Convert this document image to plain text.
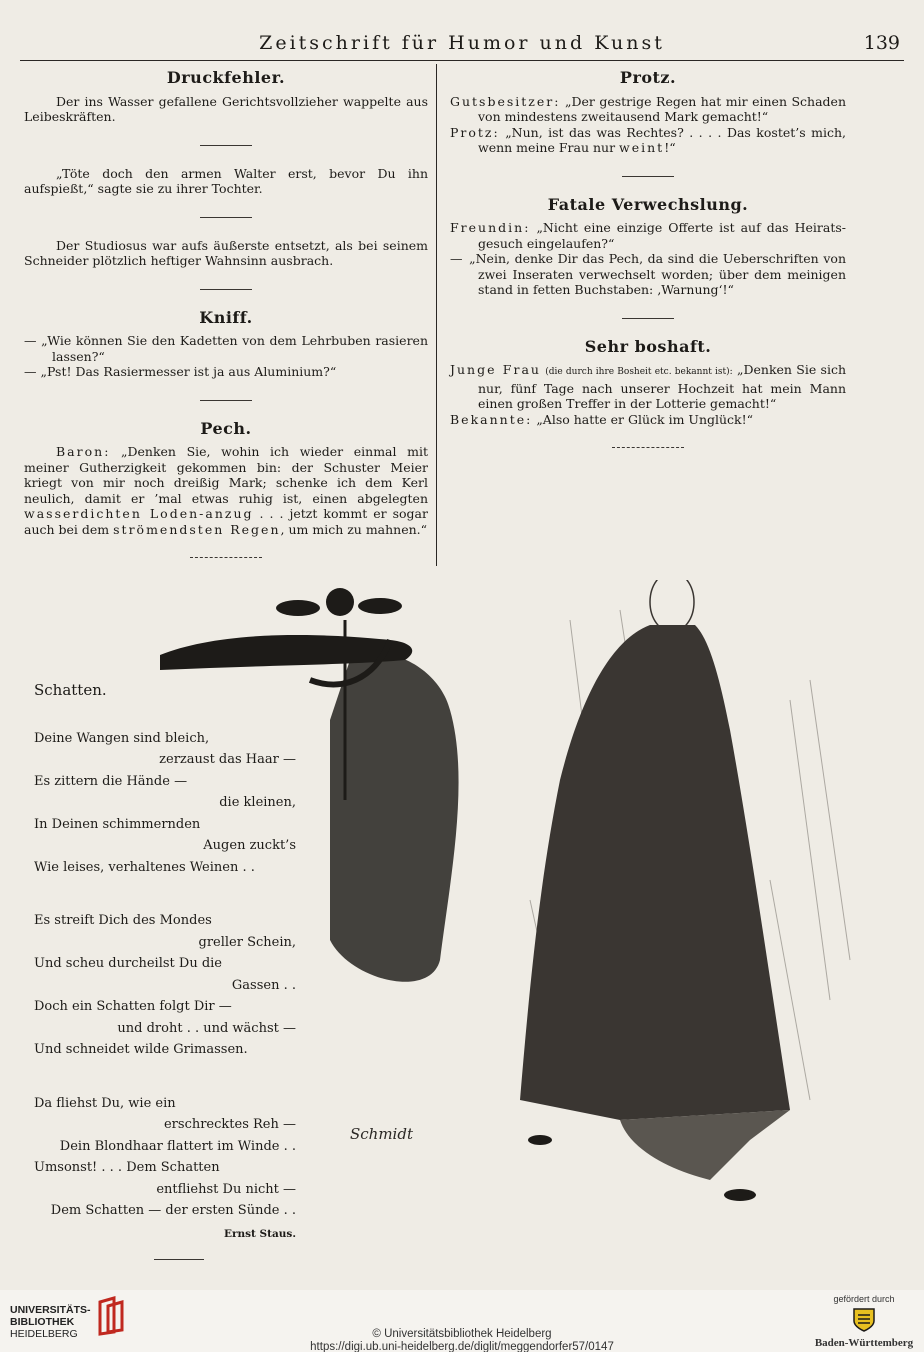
Zeitschrift für Humor und Kunst	139
Druckfehler.

Der ins Wasser gefallene Gerichtsvollzieher wappelte aus Leibeskräften.

„Töte doch den armen Walter erst, bevor Du ihn aufspießt,“ sagte sie zu ihrer Tochter.

Der Studiosus war aufs äußerste entsetzt, als bei seinem Schneider plötzlich heftiger Wahnsinn ausbrach.

Kniff.

— „Wie können Sie den Kadetten von dem Lehrbuben rasieren lassen?“

— „Pst! Das Rasiermesser ist ja aus Aluminium?“

Pech.

Baron: „Denken Sie, wohin ich wieder einmal mit meiner Gutherzigkeit gekommen bin: der Schuster Meier kriegt von mir noch dreißig Mark; schenke ich dem Kerl neulich, damit er ’mal etwas ruhig ist, einen abgelegten wasserdichten Loden-anzug . . . jetzt kommt er sogar auch bei dem strömendsten Regen, um mich zu mahnen.“

Protz.

Gutsbesitzer: „Der gestrige Regen hat mir einen Schaden von mindestens zweitausend Mark gemacht!“

Protz: „Nun, ist das was Rechtes? . . . . Das kostet’s mich, wenn meine Frau nur weint!“

Fatale Verwechslung.

Freundin: „Nicht eine einzige Offerte ist auf das Heirats-gesuch eingelaufen?“

— „Nein, denke Dir das Pech, da sind die Ueberschriften von zwei Inseraten verwechselt worden; über dem meinigen stand in fetten Buchstaben: ‚Warnung‘!“

Sehr boshaft.

Junge Frau (die durch ihre Bosheit etc. bekannt ist): „Denken Sie sich nur, fünf Tage nach unserer Hochzeit hat mein Mann einen großen Treffer in der Lotterie gemacht!“

Bekannte: „Also hatte er Glück im Unglück!“

Schmidt
Schatten.
Deine Wangen sind bleich,
zerzaust das Haar —
Es zittern die Hände —
die kleinen,
In Deinen schimmernden
Augen zuckt’s
Wie leises, verhaltenes Weinen . .
Es streift Dich des Mondes
greller Schein,
Und scheu durcheilst Du die
Gassen . .
Doch ein Schatten folgt Dir —
und droht . . und wächst —
Und schneidet wilde Grimassen.
Da fliehst Du, wie ein
erschrecktes Reh —
Dein Blondhaar flattert im Winde . .
Umsonst! . . . Dem Schatten
entfliehst Du nicht —
Dem Schatten — der ersten Sünde . .
Ernst Staus.
UNIVERSITÄTS-
BIBLIOTHEK
HEIDELBERG	© Universitätsbibliothek Heidelberg
https://digi.ub.uni-heidelberg.de/diglit/meggendorfer57/0147
gefördert durch
Baden-Württemberg
